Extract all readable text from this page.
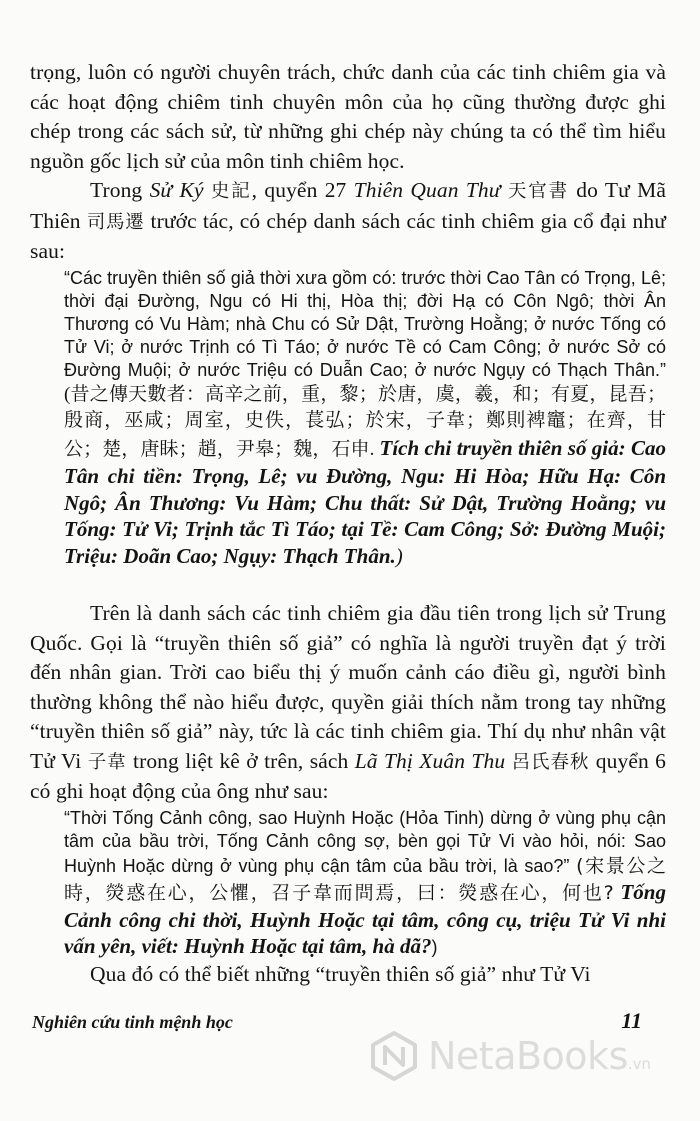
trọng, luôn có người chuyên trách, chức danh của các tinh chiêm gia và các hoạt động chiêm tinh chuyên môn của họ cũng thường được ghi chép trong các sách sử, từ những ghi chép này chúng ta có thể tìm hiểu nguồn gốc lịch sử của môn tinh chiêm học.

Trong Sử Ký 史記, quyển 27 Thiên Quan Thư 天官書 do Tư Mã Thiên 司馬遷 trước tác, có chép danh sách các tinh chiêm gia cổ đại như sau:

“Các truyền thiên số giả thời xưa gồm có: trước thời Cao Tân có Trọng, Lê; thời đại Đường, Ngu có Hi thị, Hòa thị; đời Hạ có Côn Ngô; thời Ân Thương có Vu Hàm; nhà Chu có Sử Dật, Trường Hoằng; ở nước Tống có Tử Vi; ở nước Trịnh có Tì Táo; ở nước Tề có Cam Công; ở nước Sở có Đường Muội; ở nước Triệu có Duẫn Cao; ở nước Ngụy có Thạch Thân.” (昔之傳天數者：高辛之前，重，黎；於唐，虞，羲，和；有夏，昆吾；殷商，巫咸；周室，史佚，萇弘；於宋，子韋；鄭則裨竈；在齊，甘公；楚，唐眛；趙，尹皋；魏，石申. Tích chi truyền thiên số giả: Cao Tân chi tiền: Trọng, Lê; vu Đường, Ngu: Hi Hòa; Hữu Hạ: Côn Ngô; Ân Thương: Vu Hàm; Chu thất: Sử Dật, Trường Hoằng; vu Tống: Tử Vi; Trịnh tắc Tì Táo; tại Tề: Cam Công; Sở: Đường Muội; Triệu: Doãn Cao; Ngụy: Thạch Thân.)

Trên là danh sách các tinh chiêm gia đầu tiên trong lịch sử Trung Quốc. Gọi là “truyền thiên số giả” có nghĩa là người truyền đạt ý trời đến nhân gian. Trời cao biểu thị ý muốn cảnh cáo điều gì, người bình thường không thể nào hiểu được, quyền giải thích nằm trong tay những “truyền thiên số giả” này, tức là các tinh chiêm gia. Thí dụ như nhân vật Tử Vi 子韋 trong liệt kê ở trên, sách Lã Thị Xuân Thu 呂氏春秋 quyển 6 có ghi hoạt động của ông như sau:

“Thời Tống Cảnh công, sao Huỳnh Hoặc (Hỏa Tinh) dừng ở vùng phụ cận tâm của bầu trời, Tống Cảnh công sợ, bèn gọi Tử Vi vào hỏi, nói: Sao Huỳnh Hoặc dừng ở vùng phụ cận tâm của bầu trời, là sao?” (宋景公之時，熒惑在心，公懼，召子韋而問焉，曰：熒惑在心，何也? Tống Cảnh công chi thời, Huỳnh Hoặc tại tâm, công cụ, triệu Tử Vi nhi vấn yên, viết: Huỳnh Hoặc tại tâm, hà dã?)

Qua đó có thể biết những “truyền thiên số giả” như Tử Vi

Nghiên cứu tinh mệnh học	11
NetaBooks.vn
